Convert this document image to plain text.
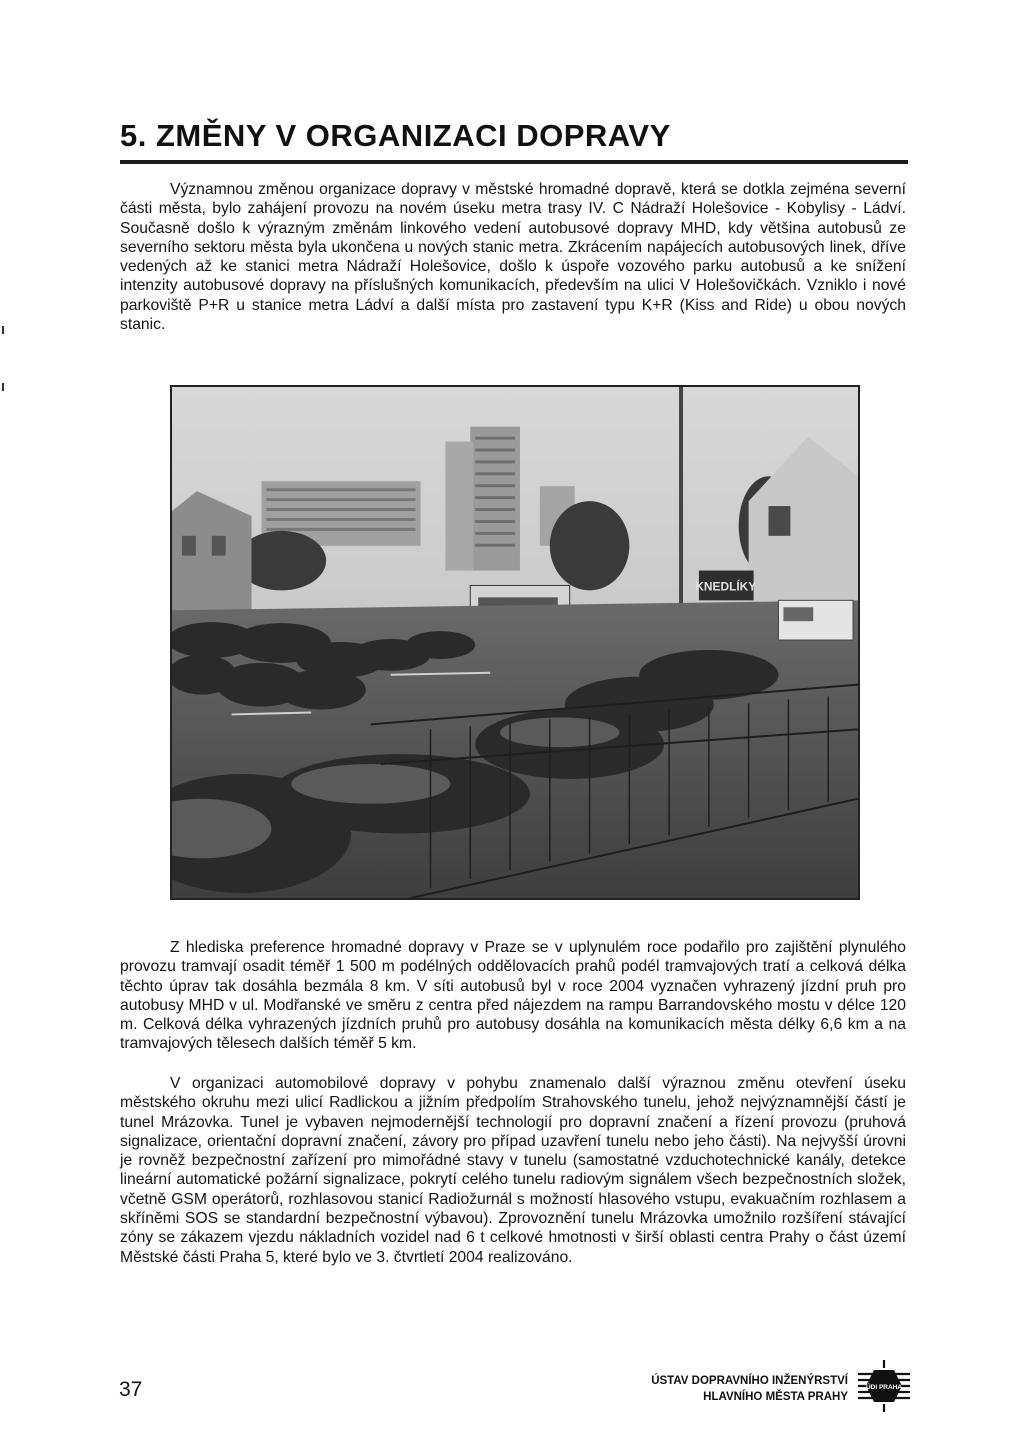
5. ZMĚNY V ORGANIZACI DOPRAVY

Významnou změnou organizace dopravy v městské hromadné dopravě, která se dotkla zejména severní části města, bylo zahájení provozu na novém úseku metra trasy IV. C Nádraží Holešovice - Kobylisy - Ládví. Současně došlo k výrazným změnám linkového vedení autobusové dopravy MHD, kdy většina autobusů ze severního sektoru města byla ukončena u nových stanic metra. Zkrácením napájecích autobusových linek, dříve vedených až ke stanici metra Nádraží Holešovice, došlo k úspoře vozového parku autobusů a ke snížení intenzity autobusové dopravy na příslušných komunikacích, především na ulici V Holešovičkách. Vzniklo i nové parkoviště P+R u stanice metra Ládví a další místa pro zastavení typu K+R (Kiss and Ride) u obou nových stanic.

KNEDLÍKY

Z hlediska preference hromadné dopravy v Praze se v uplynulém roce podařilo pro zajištění plynulého provozu tramvají osadit téměř 1 500 m podélných oddělovacích prahů podél tramvajových tratí a celková délka těchto úprav tak dosáhla bezmála 8 km. V síti autobusů byl v roce 2004 vyznačen vyhrazený jízdní pruh pro autobusy MHD v ul. Modřanské ve směru z centra před nájezdem na rampu Barrandovského mostu v délce 120 m. Celková délka vyhrazených jízdních pruhů pro autobusy dosáhla na komunikacích města délky 6,6 km a na tramvajových tělesech dalších téměř 5 km.

V organizaci automobilové dopravy v pohybu znamenalo další výraznou změnu otevření úseku městského okruhu mezi ulicí Radlickou a jižním předpolím Strahovského tunelu, jehož nejvýznamnější částí je tunel Mrázovka. Tunel je vybaven nejmodernější technologií pro dopravní značení a řízení provozu (pruhová signalizace, orientační dopravní značení, závory pro případ uzavření tunelu nebo jeho části). Na nejvyšší úrovni je rovněž bezpečnostní zařízení pro mimořádné stavy v tunelu (samostatné vzduchotechnické kanály, detekce lineární automatické požární signalizace, pokrytí celého tunelu radiovým signálem všech bezpečnostních složek, včetně GSM operátorů, rozhlasovou stanicí Radiožurnál s možností hlasového vstupu, evakuačním rozhlasem a skříněmi SOS se standardní bezpečnostní výbavou). Zprovoznění tunelu Mrázovka umožnilo rozšíření stávající zóny se zákazem vjezdu nákladních vozidel nad 6 t celkové hmotnosti v širší oblasti centra Prahy o část území Městské části Praha 5, které bylo ve 3. čtvrtletí 2004 realizováno.

37	ÚSTAV DOPRAVNÍHO INŽENÝRSTVÍ
HLAVNÍHO MĚSTA PRAHY
ÚDI PRAHA
